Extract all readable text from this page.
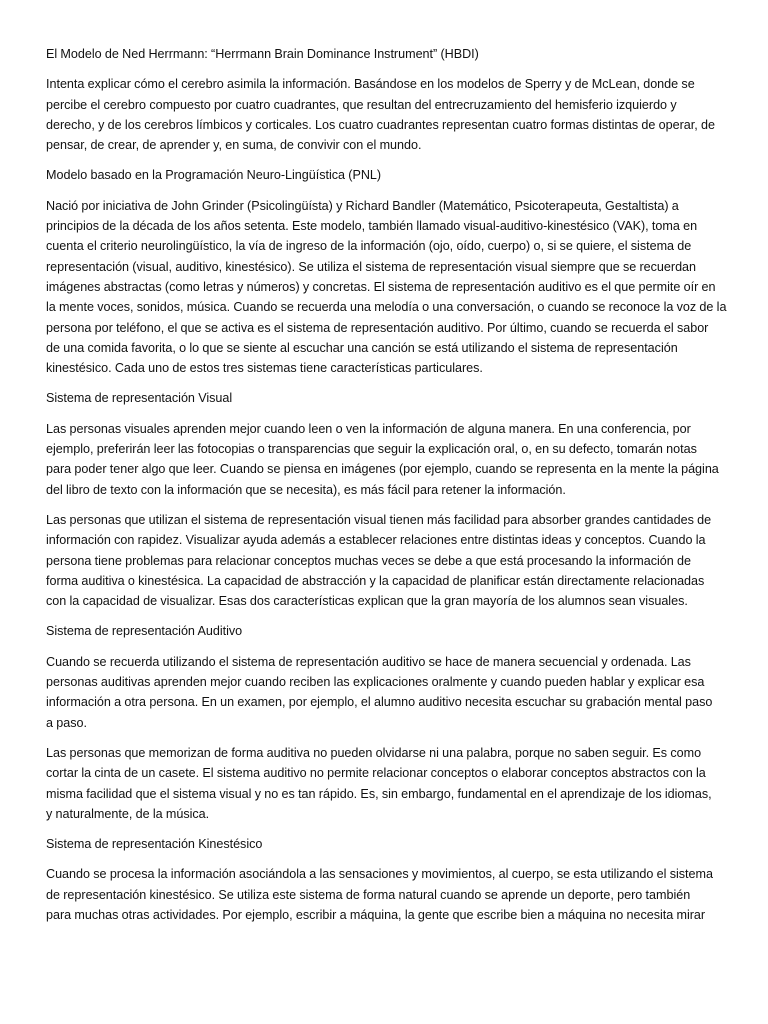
El Modelo de Ned Herrmann: “Herrmann Brain Dominance Instrument” (HBDI)
Intenta explicar cómo el cerebro asimila la información. Basándose en los modelos de Sperry y de McLean, donde se
percibe el cerebro compuesto por cuatro cuadrantes, que resultan del entrecruzamiento del hemisferio izquierdo y
derecho, y de los cerebros límbicos y corticales. Los cuatro cuadrantes representan cuatro formas distintas de operar, de
pensar, de crear, de aprender y, en suma, de convivir con el mundo.
Modelo basado en la Programación Neuro-Lingüística (PNL)
Nació por iniciativa de John Grinder (Psicolingüísta) y Richard Bandler (Matemático, Psicoterapeuta, Gestaltista) a
principios de la década de los años setenta. Este modelo, también llamado visual-auditivo-kinestésico (VAK), toma en
cuenta el criterio neurolingüístico, la vía de ingreso de la información (ojo, oído, cuerpo) o, si se quiere, el sistema de
representación (visual, auditivo, kinestésico). Se utiliza el sistema de representación visual siempre que se recuerdan
imágenes abstractas (como letras y números) y concretas. El sistema de representación auditivo es el que permite oír en
la mente voces, sonidos, música. Cuando se recuerda una melodía o una conversación, o cuando se reconoce la voz de la
persona por teléfono, el que se activa es el sistema de representación auditivo. Por último, cuando se recuerda el sabor
de una comida favorita, o lo que se siente al escuchar una canción se está utilizando el sistema de representación
kinestésico. Cada uno de estos tres sistemas tiene características particulares.
Sistema de representación Visual
Las personas visuales aprenden mejor cuando leen o ven la información de alguna manera. En una conferencia, por
ejemplo, preferirán leer las fotocopias o transparencias que seguir la explicación oral, o, en su defecto, tomarán notas
para poder tener algo que leer. Cuando se piensa en imágenes (por ejemplo, cuando se representa en la mente la página
del libro de texto con la información que se necesita), es más fácil para retener la información.
Las personas que utilizan el sistema de representación visual tienen más facilidad para absorber grandes cantidades de
información con rapidez. Visualizar ayuda además a establecer relaciones entre distintas ideas y conceptos. Cuando la
persona tiene problemas para relacionar conceptos muchas veces se debe a que está procesando la información de
forma auditiva o kinestésica. La capacidad de abstracción y la capacidad de planificar están directamente relacionadas
con la capacidad de visualizar. Esas dos características explican que la gran mayoría de los alumnos sean visuales.
Sistema de representación Auditivo
Cuando se recuerda utilizando el sistema de representación auditivo se hace de manera secuencial y ordenada. Las
personas auditivas aprenden mejor cuando reciben las explicaciones oralmente y cuando pueden hablar y explicar esa
información a otra persona. En un examen, por ejemplo, el alumno auditivo necesita escuchar su grabación mental paso
a paso.
Las personas que memorizan de forma auditiva no pueden olvidarse ni una palabra, porque no saben seguir. Es como
cortar la cinta de un casete. El sistema auditivo no permite relacionar conceptos o elaborar conceptos abstractos con la
misma facilidad que el sistema visual y no es tan rápido. Es, sin embargo, fundamental en el aprendizaje de los idiomas,
y naturalmente, de la música.
Sistema de representación Kinestésico
Cuando se procesa la información asociándola a las sensaciones y movimientos, al cuerpo, se esta utilizando el sistema
de representación kinestésico. Se utiliza este sistema de forma natural cuando se aprende un deporte, pero también
para muchas otras actividades. Por ejemplo, escribir a máquina, la gente que escribe bien a máquina no necesita mirar
